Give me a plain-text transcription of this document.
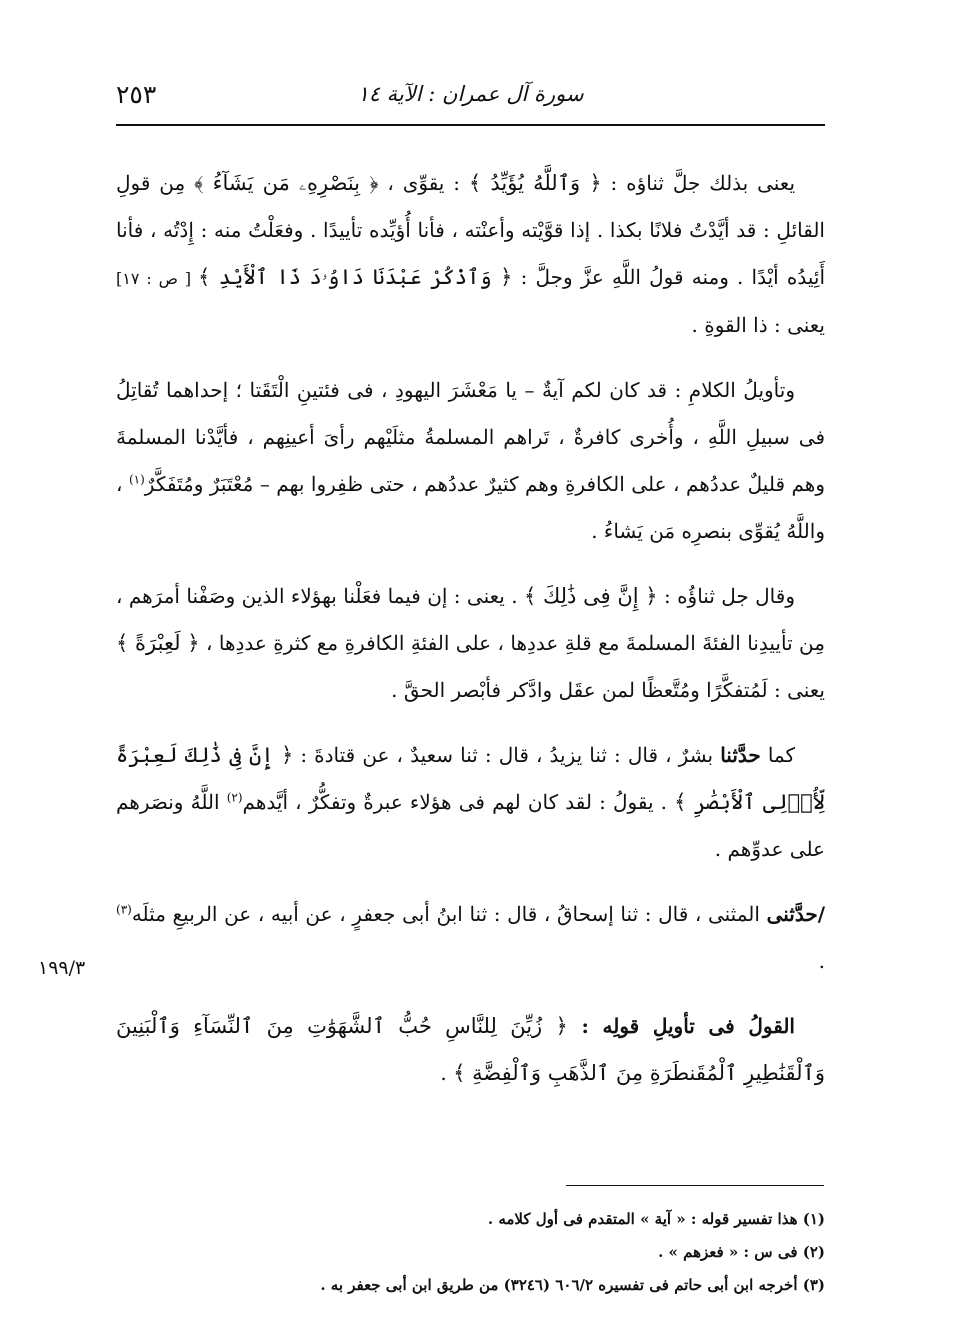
سورة آل عمران : الآية ١٤
٢٥٣
١٩٩/٣

يعنى بذلك جلَّ ثناؤه : ﴿ وَٱللَّهُ يُؤَيِّدُ ﴾ : يقوِّى ، ﴿ بِنَصْرِهِۦ مَن يَشَآءُ ﴾ مِن قولِ القائلِ : قد أيَّدْتُ فلانًا بكذا . إذا قوَّيْته وأعنْته ، فأنا أُؤيِّده تأييدًا . وفعَلْتُ منه : إِدْتُه ، فأنا أَئِيدُه أيْدًا . ومنه قولُ اللَّهِ عزَّ وجلَّ : ﴿ وَٱذْكُرْ عَبْدَنَا دَاوُۥدَ ذَا ٱلْأَيْدِ ﴾ [ ص : ١٧] يعنى : ذا القوةِ .

وتأويلُ الكلامِ : قد كان لكم آيةٌ – يا مَعْشَرَ اليهودِ ، فى فئتينِ الْتَقَتا ؛ إحداهما تُقاتِلُ فى سبيلِ اللَّهِ ، وأُخرى كافرةٌ ، تَراهم المسلمةُ مثلَيْهم رأىَ أعينِهم ، فأيَّدْنا المسلمةَ وهم قليلٌ عددُهم ، على الكافرةِ وهم كثيرٌ عددُهم ، حتى ظفِروا بهم – مُعْتَبَرٌ ومُتَفَكَّرٌ$^{(١)}$ ، واللَّهُ يُقوِّى بنصرِه مَن يَشاءُ .

وقال جل ثناؤُه : ﴿ إِنَّ فِى ذَٰلِكَ ﴾ . يعنى : إن فيما فعَلْنا بهؤلاء الذين وصَفْنا أمرَهم ، مِن تأييدِنا الفئةَ المسلمةَ مع قلةِ عددِها ، على الفئةِ الكافرةِ مع كثرةِ عددِها ، ﴿ لَعِبْرَةً ﴾ يعنى : لَمُتفكَّرًا ومُتَّعظًا لمن عقَل وادَّكر فأبْصر الحقَّ .

كما حدَّثنا بشرٌ ، قال : ثنا يزيدُ ، قال : ثنا سعيدٌ ، عن قتادةَ : ﴿ إِنَّ فِى ذَٰلِكَ لَعِبْرَةً لِّأُو۟لِى ٱلْأَبْصَٰرِ ﴾ . يقولُ : لقد كان لهم فى هؤلاء عبرةٌ وتفكُّرٌ ، أيَّدهم$^{(٢)}$ اللَّهُ ونصَرهم على عدوِّهم .

/حدَّثنى المثنى ، قال : ثنا إسحاقُ ، قال : ثنا ابنُ أبى جعفرٍ ، عن أبيه ، عن الربيعِ مثلَه$^{(٣)}$ .

القولُ فى تأويلِ قولِه : ﴿ زُيِّنَ لِلنَّاسِ حُبُّ ٱلشَّهَوَٰتِ مِنَ ٱلنِّسَآءِ وَٱلْبَنِينَ وَٱلْقَنَٰطِيرِ ٱلْمُقَنطَرَةِ مِنَ ٱلذَّهَبِ وَٱلْفِضَّةِ ﴾ .

(١) هذا تفسير قوله : « آية » المتقدم فى أول كلامه .

(٢) فى س : « فعزهم » .

(٣) أخرجه ابن أبى حاتم فى تفسيره ٦٠٦/٢ (٣٢٤٦) من طريق ابن أبى جعفر به .
